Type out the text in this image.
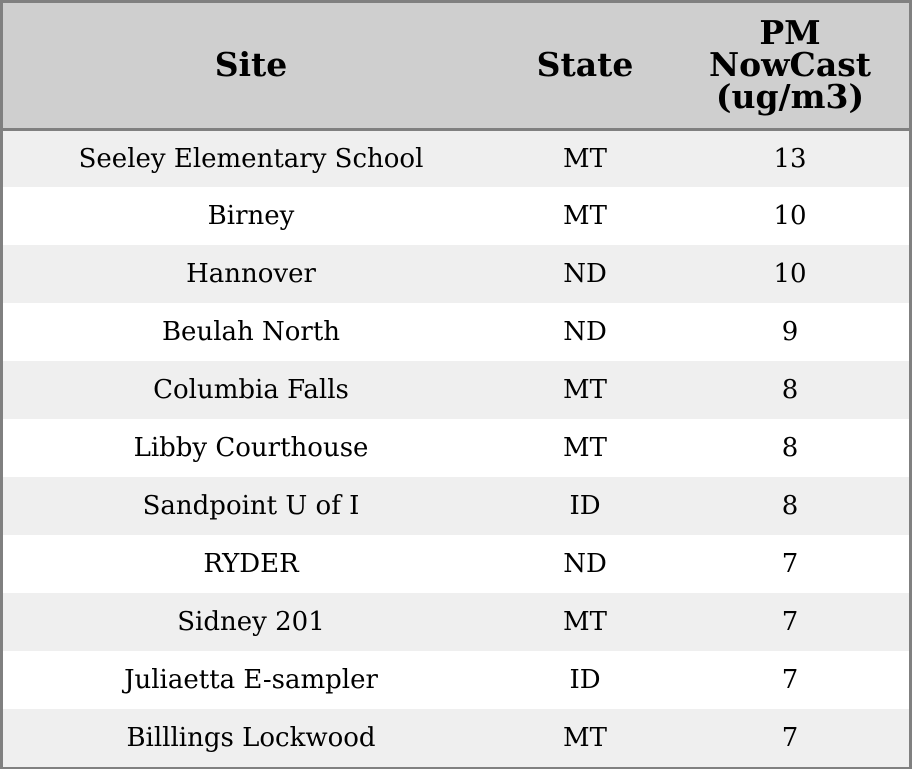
Site	State	PM NowCast (ug/m3)
Seeley Elementary School	MT	13
Birney	MT	10
Hannover	ND	10
Beulah North	ND	9
Columbia Falls	MT	8
Libby Courthouse	MT	8
Sandpoint U of I	ID	8
RYDER	ND	7
Sidney 201	MT	7
Juliaetta E-sampler	ID	7
Billlings Lockwood	MT	7
